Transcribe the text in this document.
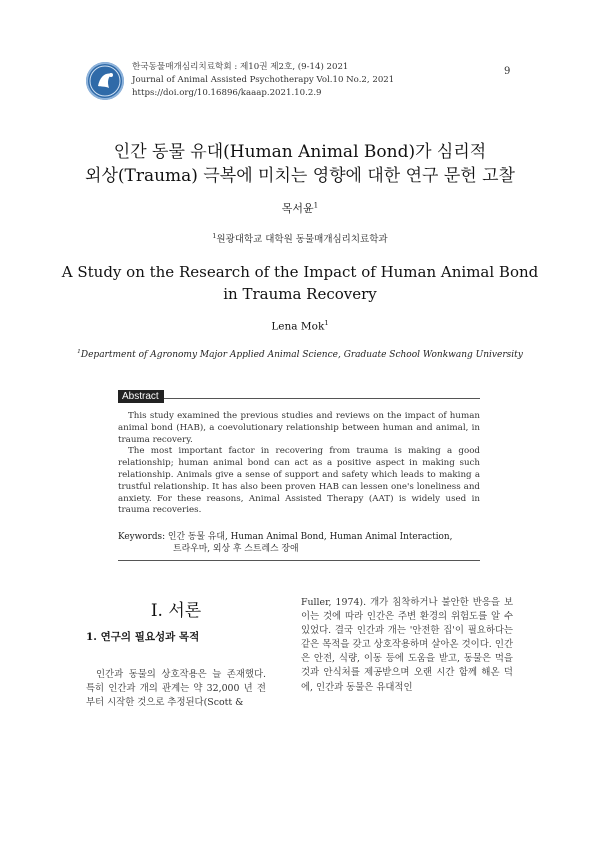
한국동물매개심리치료학회 : 제10권 제2호, (9-14) 2021
Journal of Animal Assisted Psychotherapy Vol.10 No.2, 2021
https://doi.org/10.16896/kaaap.2021.10.2.9
9
인간 동물 유대(Human Animal Bond)가 심리적
외상(Trauma) 극복에 미치는 영향에 대한 연구 문헌 고찰
목서윤$^1$
$^1$원광대학교 대학원 동물매개심리치료학과
A Study on the Research of the Impact of Human Animal Bond
in Trauma Recovery
Lena Mok$^1$
$^1$Department of Agronomy Major Applied Animal Science, Graduate School Wonkwang University
Abstract

This study examined the previous studies and reviews on the impact of human animal bond (HAB), a coevolutionary relationship between human and animal, in trauma recovery.

The most important factor in recovering from trauma is making a good relationship; human animal bond can act as a positive aspect in making such relationship. Animals give a sense of support and safety which leads to making a trustful relationship. It has also been proven HAB can lessen one's loneliness and anxiety. For these reasons, Animal Assisted Therapy (AAT) is widely used in trauma recoveries.

Keywords: 인간 동물 유대, Human Animal Bond, Human Animal Interaction,
트라우마, 외상 후 스트레스 장애
Ⅰ. 서론
1. 연구의 필요성과 목적

인간과 동물의 상호작용은 늘 존재했다. 특히 인간과 개의 관계는 약 32,000 년 전부터 시작한 것으로 추정된다(Scott &

Fuller, 1974). 개가 침착하거나 불안한 반응을 보이는 것에 따라 인간은 주변 환경의 위험도를 알 수 있었다. 결국 인간과 개는 '안전한 집'이 필요하다는 같은 목적을 갖고 상호작용하며 살아온 것이다. 인간은 안전, 식량, 이동 등에 도움을 받고, 동물은 먹을 것과 안식처를 제공받으며 오랜 시간 함께 해온 덕에, 인간과 동물은 유대적인
